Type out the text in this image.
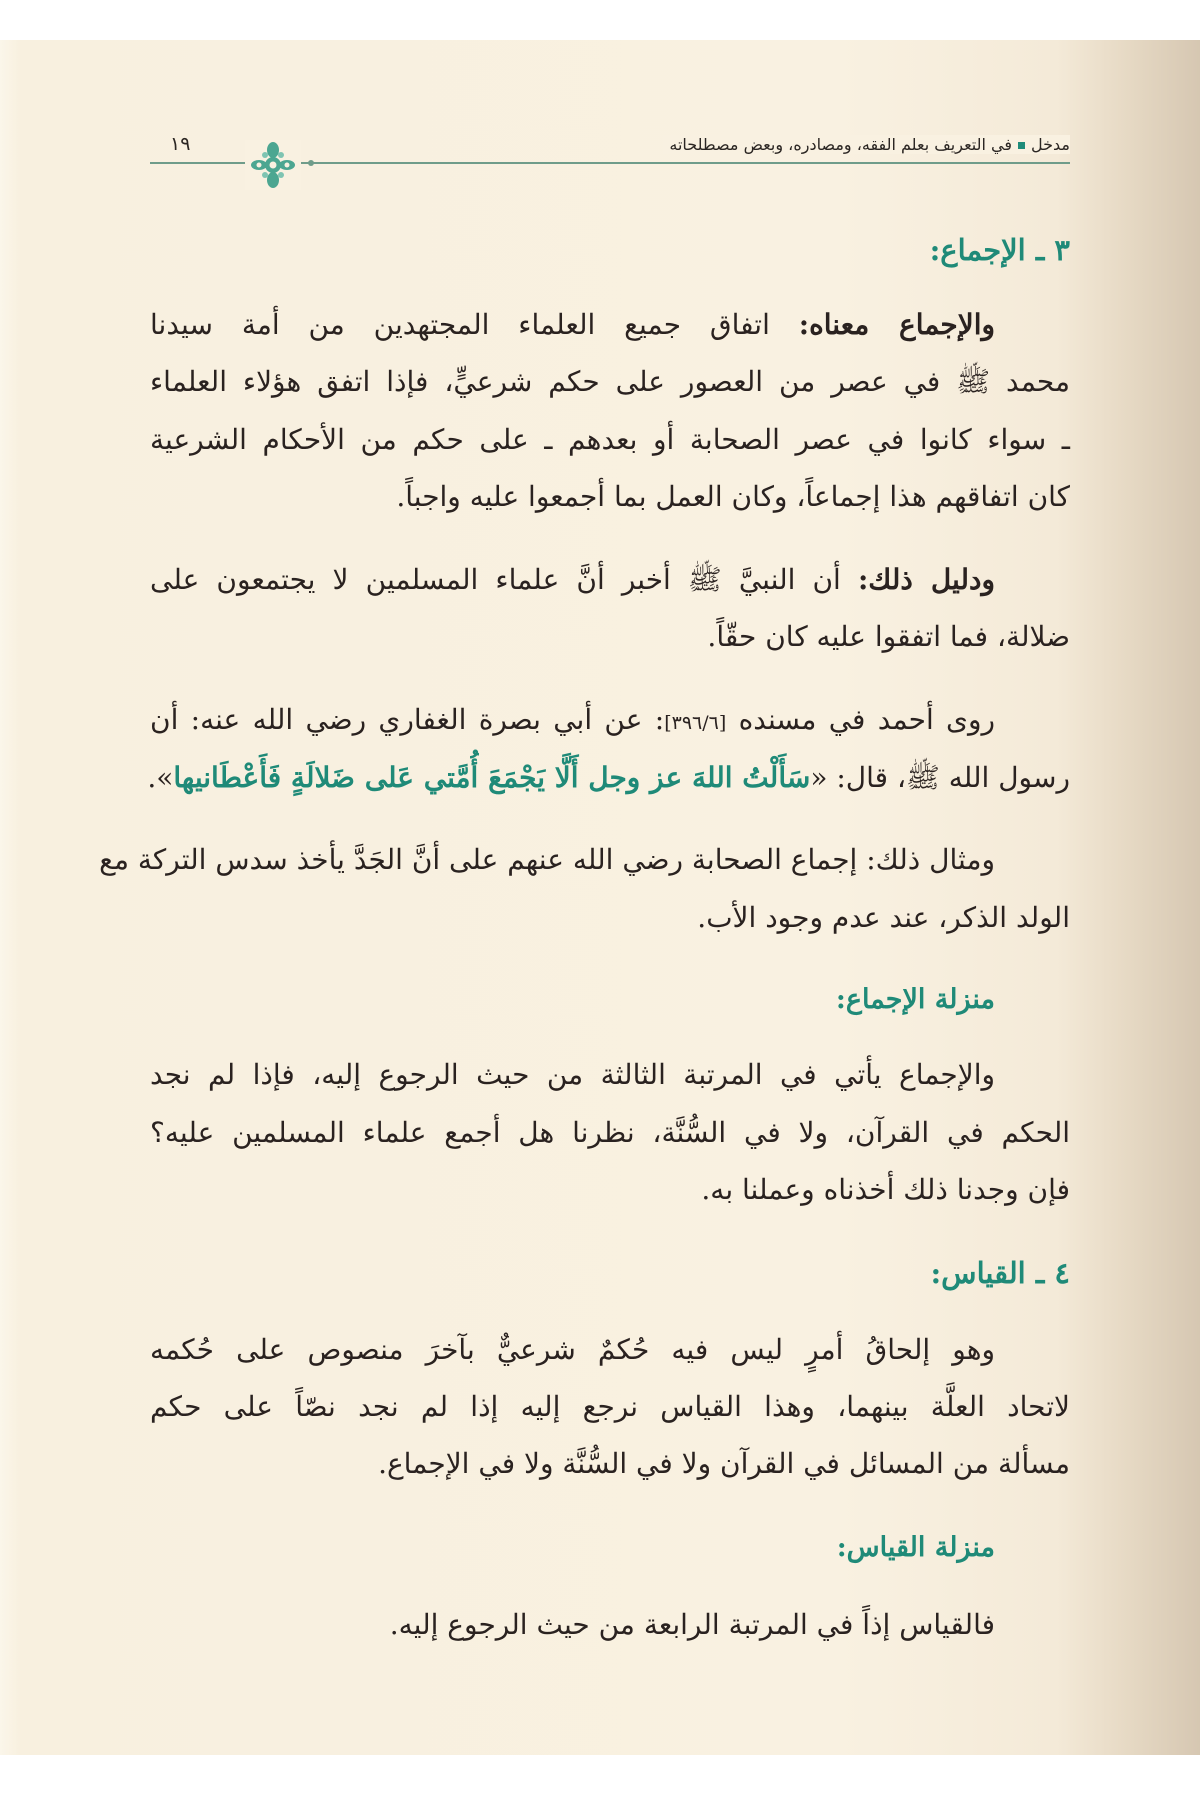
مدخلفي التعريف بعلم الفقه، ومصادره، وبعض مصطلحاته
١٩
٣ ـ الإجماع:
والإجماع معناه: اتفاق جميع العلماء المجتهدين من أمة سيدنا
محمد ﷺ في عصر من العصور على حكم شرعيٍّ، فإذا اتفق هؤلاء العلماء
ـ سواء كانوا في عصر الصحابة أو بعدهم ـ على حكم من الأحكام الشرعية
كان اتفاقهم هذا إجماعاً، وكان العمل بما أجمعوا عليه واجباً.
ودليل ذلك: أن النبيَّ ﷺ أخبر أنَّ علماء المسلمين لا يجتمعون على
ضلالة، فما اتفقوا عليه كان حقّاً.
روى أحمد في مسنده [٣٩٦/٦]: عن أبي بصرة الغفاري رضي الله عنه: أن
رسول الله ﷺ، قال: «سَأَلْتُ اللهَ عز وجل أَلَّا يَجْمَعَ أُمَّتي عَلى ضَلالَةٍ فَأَعْطَانيها».
ومثال ذلك: إجماع الصحابة رضي الله عنهم على أنَّ الجَدَّ يأخذ سدس التركة مع
الولد الذكر، عند عدم وجود الأب.
منزلة الإجماع:
والإجماع يأتي في المرتبة الثالثة من حيث الرجوع إليه، فإذا لم نجد
الحكم في القرآن، ولا في السُّنَّة، نظرنا هل أجمع علماء المسلمين عليه؟
فإن وجدنا ذلك أخذناه وعملنا به.
٤ ـ القياس:
وهو إلحاقُ أمرٍ ليس فيه حُكمٌ شرعيٌّ بآخرَ منصوص على حُكمه
لاتحاد العلَّة بينهما، وهذا القياس نرجع إليه إذا لم نجد نصّاً على حكم
مسألة من المسائل في القرآن ولا في السُّنَّة ولا في الإجماع.
منزلة القياس:
فالقياس إذاً في المرتبة الرابعة من حيث الرجوع إليه.
